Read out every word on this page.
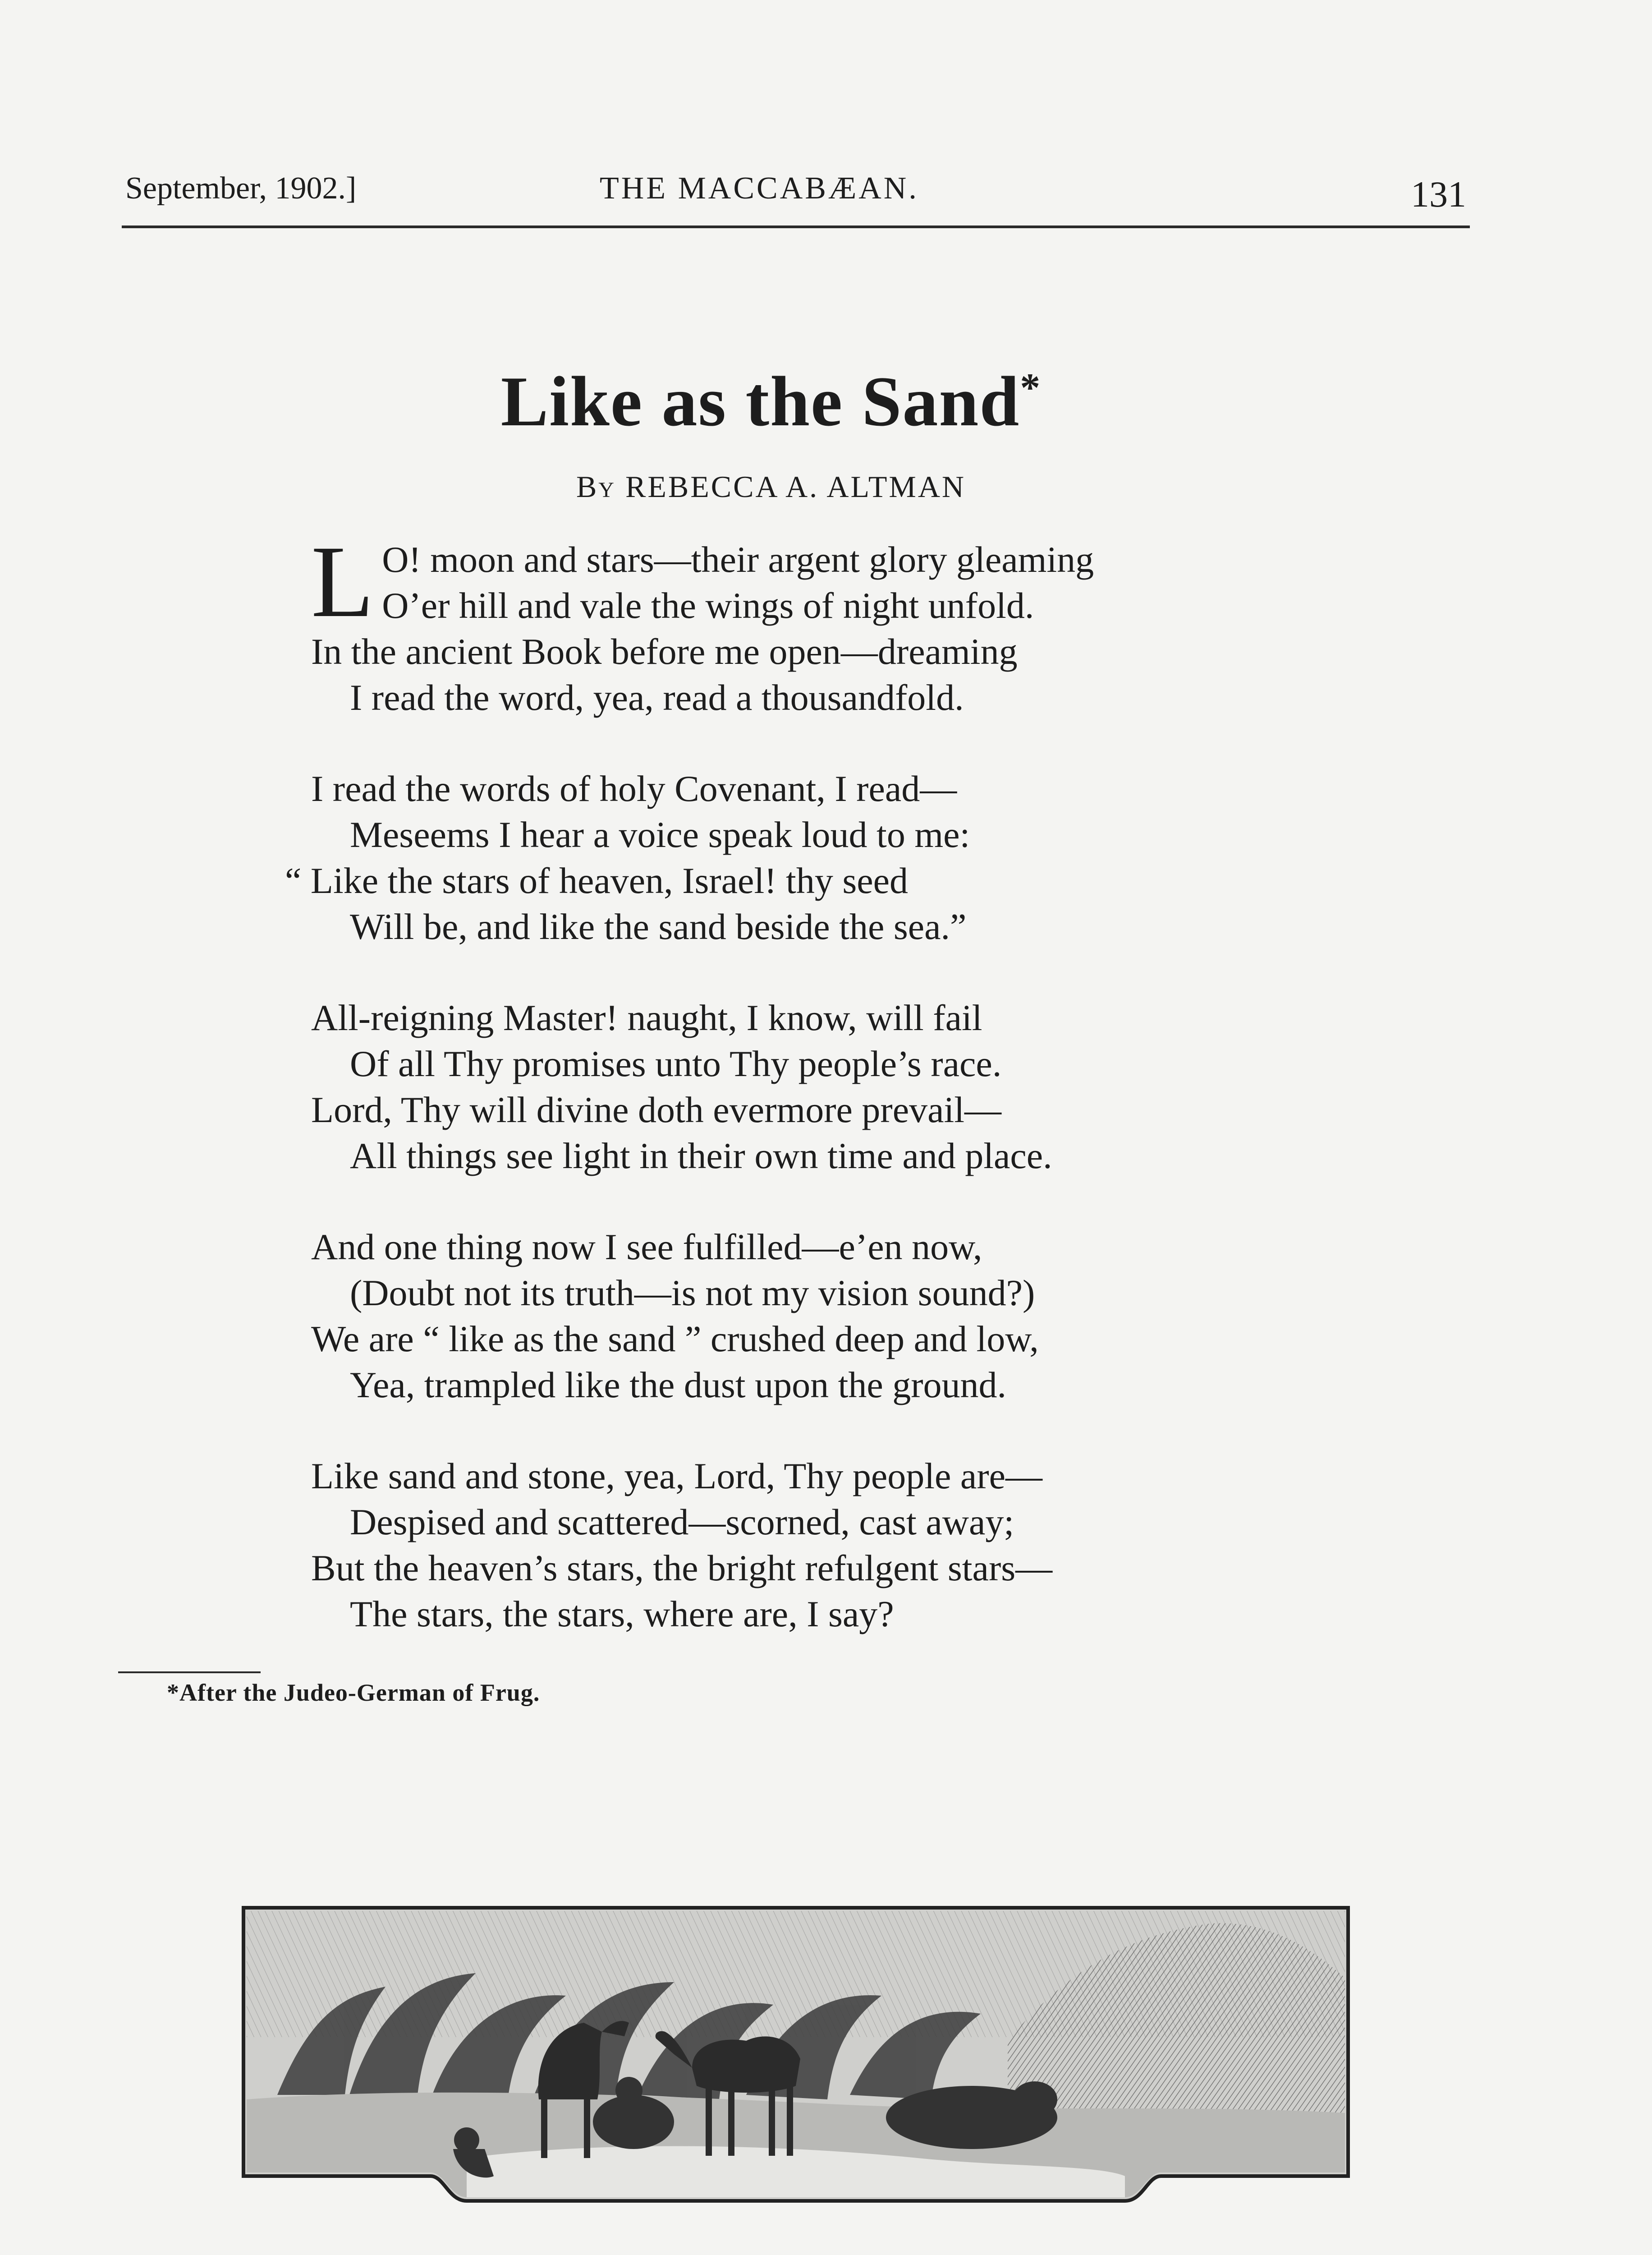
September, 1902.]	THE MACCABÆAN.	131
Like as the Sand*
By REBECCA A. ALTMAN
L O! moon and stars—their argent glory gleaming
O’er hill and vale the wings of night unfold.
In the ancient Book before me open—dreaming
I read the word, yea, read a thousandfold.
I read the words of holy Covenant, I read—
Meseems I hear a voice speak loud to me:
“ Like the stars of heaven, Israel! thy seed
Will be, and like the sand beside the sea.”
All-reigning Master! naught, I know, will fail
Of all Thy promises unto Thy people’s race.
Lord, Thy will divine doth evermore prevail—
All things see light in their own time and place.
And one thing now I see fulfilled—e’en now,
(Doubt not its truth—is not my vision sound?)
We are “ like as the sand ” crushed deep and low,
Yea, trampled like the dust upon the ground.
Like sand and stone, yea, Lord, Thy people are—
Despised and scattered—scorned, cast away;
But the heaven’s stars, the bright refulgent stars—
The stars, the stars, where are, I say?
*After the Judeo-German of Frug.
